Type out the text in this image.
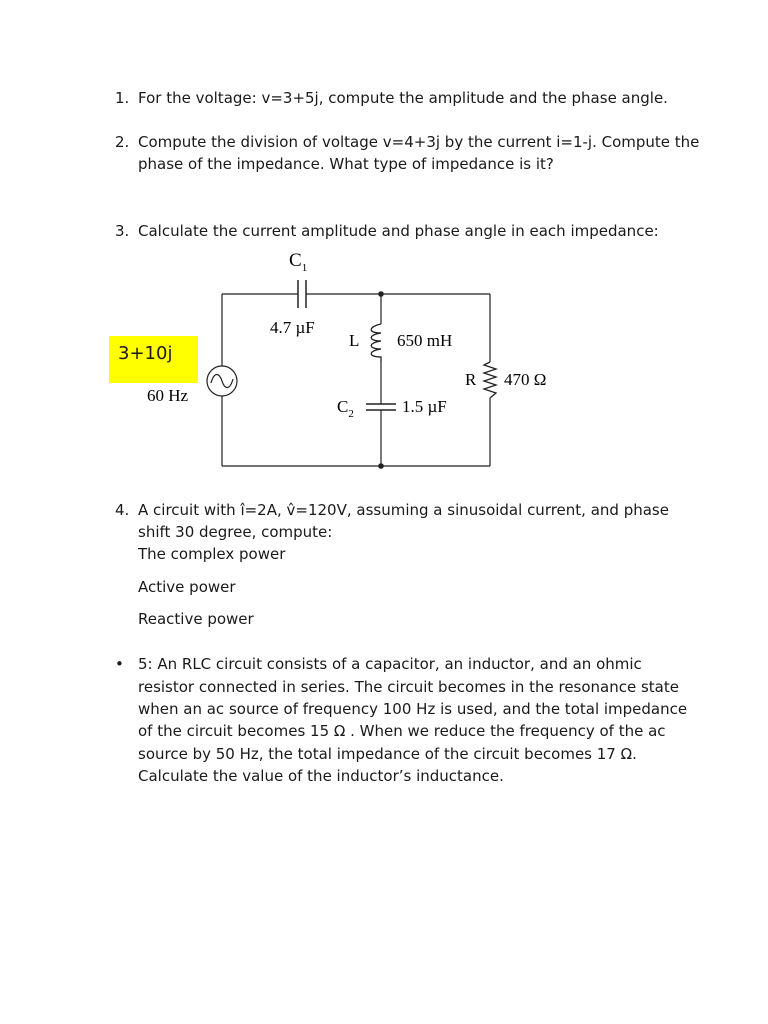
1. For the voltage: v=3+5j, compute the amplitude and the phase angle.

2. Compute the division of voltage v=4+3j by the current i=1-j. Compute the

phase of the impedance. What type of impedance is it?

3. Calculate the current amplitude and phase angle in each impedance:

$C_1$
4.7 µF
L 650 mH
R 470 Ω
$C_2$	1.5 µF
60 Hz
3+10j
4. A circuit with î=2A, v̂=120V, assuming a sinusoidal current, and phase

shift 30 degree, compute:

The complex power

Active power

Reactive power

• 5: An RLC circuit consists of a capacitor, an inductor, and an ohmic

resistor connected in series. The circuit becomes in the resonance state

when an ac source of frequency 100 Hz is used, and the total impedance

of the circuit becomes 15 Ω . When we reduce the frequency of the ac

source by 50 Hz, the total impedance of the circuit becomes 17 Ω.

Calculate the value of the inductor’s inductance.
